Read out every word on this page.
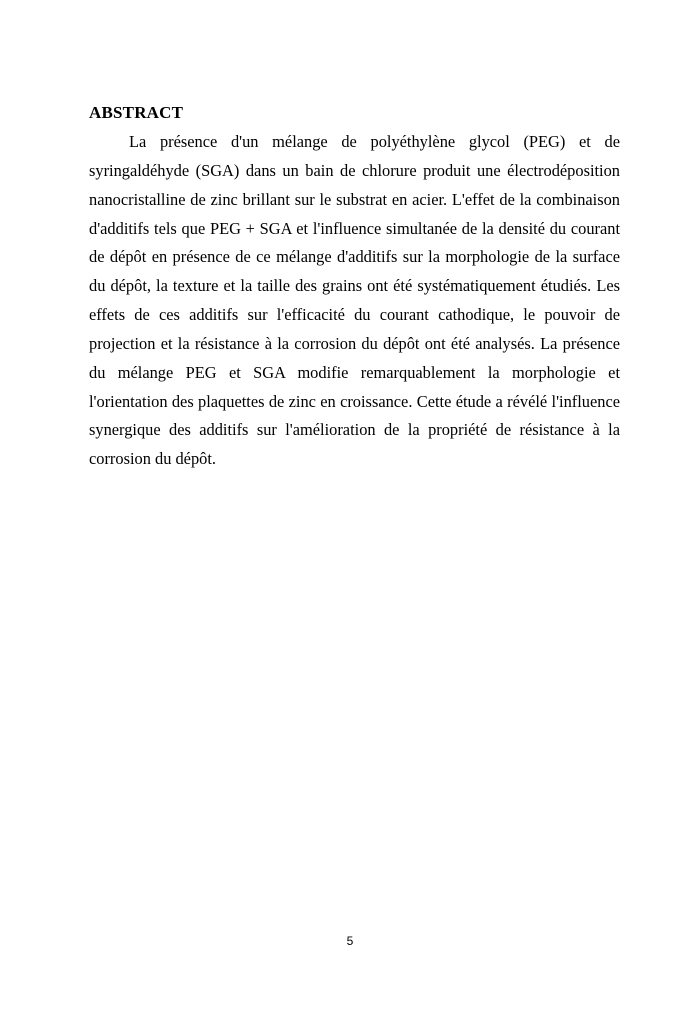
ABSTRACT

La présence d'un mélange de polyéthylène glycol (PEG) et de syringaldéhyde (SGA) dans un bain de chlorure produit une électrodéposition nanocristalline de zinc brillant sur le substrat en acier. L'effet de la combinaison d'additifs tels que PEG + SGA et l'influence simultanée de la densité du courant de dépôt en présence de ce mélange d'additifs sur la morphologie de la surface du dépôt, la texture et la taille des grains ont été systématiquement étudiés. Les effets de ces additifs sur l'efficacité du courant cathodique, le pouvoir de projection et la résistance à la corrosion du dépôt ont été analysés. La présence du mélange PEG et SGA modifie remarquablement la morphologie et l'orientation des plaquettes de zinc en croissance. Cette étude a révélé l'influence synergique des additifs sur l'amélioration de la propriété de résistance à la corrosion du dépôt.

5
